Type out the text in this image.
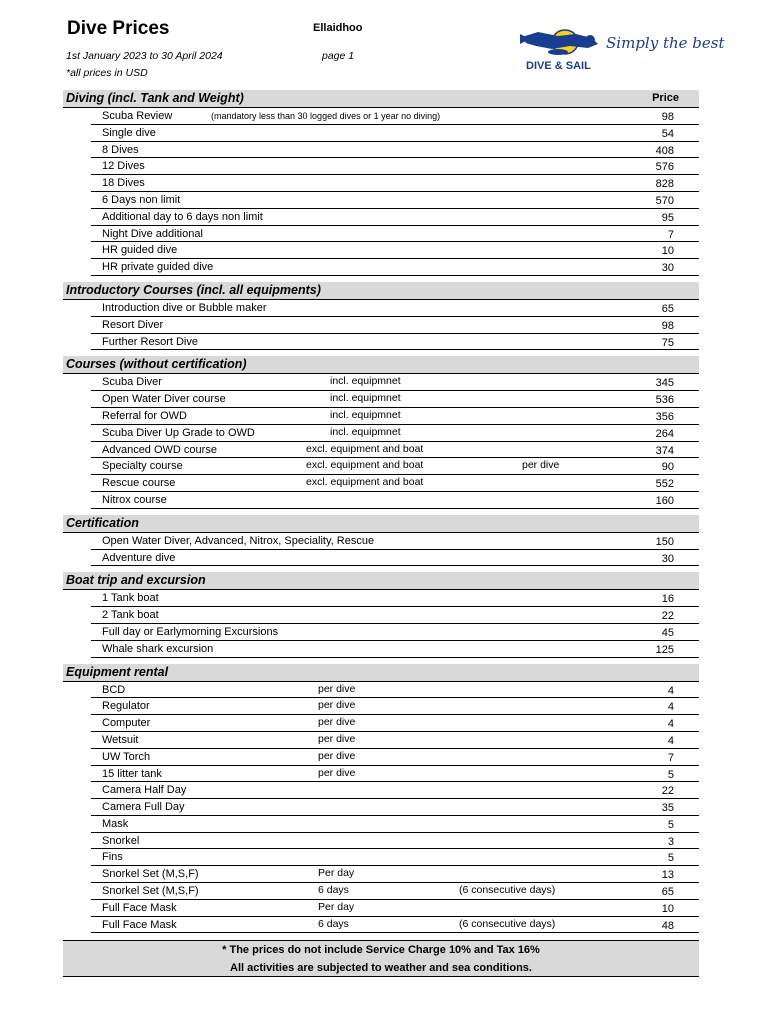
Dive Prices	Ellaidhoo
1st January 2023 to 30 April 2024	page 1
*all prices in USD
Simply the best
DIVE & SAIL
Diving (incl. Tank and Weight)	Price
Scuba Review	(mandatory less than 30 logged dives or 1 year no diving)	98
Single dive	54
8 Dives	408
12 Dives	576
18 Dives	828
6 Days non limit	570
Additional day to 6 days non limit	95
Night Dive additional	7
HR guided dive	10
HR private guided dive	30
Introductory Courses (incl. all equipments)
Introduction dive or Bubble maker	65
Resort Diver	98
Further Resort Dive	75
Courses (without certification)
Scuba Diver	incl. equipmnet	345
Open Water Diver course	incl. equipmnet	536
Referral for OWD	incl. equipmnet	356
Scuba Diver Up Grade to OWD	incl. equipmnet	264
Advanced OWD course	excl. equipment and boat	374
Specialty course	excl. equipment and boat	per dive	90
Rescue course	excl. equipment and boat	552
Nitrox course	160
Certification
Open Water Diver, Advanced, Nitrox, Speciality, Rescue	150
Adventure dive	30
Boat trip and excursion
1 Tank boat	16
2 Tank boat	22
Full day or Earlymorning Excursions	45
Whale shark excursion	125
Equipment rental
BCD	per dive	4
Regulator	per dive	4
Computer	per dive	4
Wetsuit	per dive	4
UW Torch	per dive	7
15 litter tank	per dive	5
Camera Half Day	22
Camera Full Day	35
Mask	5
Snorkel	3
Fins	5
Snorkel Set (M,S,F)	Per day	13
Snorkel Set (M,S,F)	6 days	(6 consecutive days)	65
Full Face Mask	Per day	10
Full Face Mask	6 days	(6 consecutive days)	48
* The prices do not include Service Charge 10% and Tax 16%
All activities are subjected to weather and sea conditions.
